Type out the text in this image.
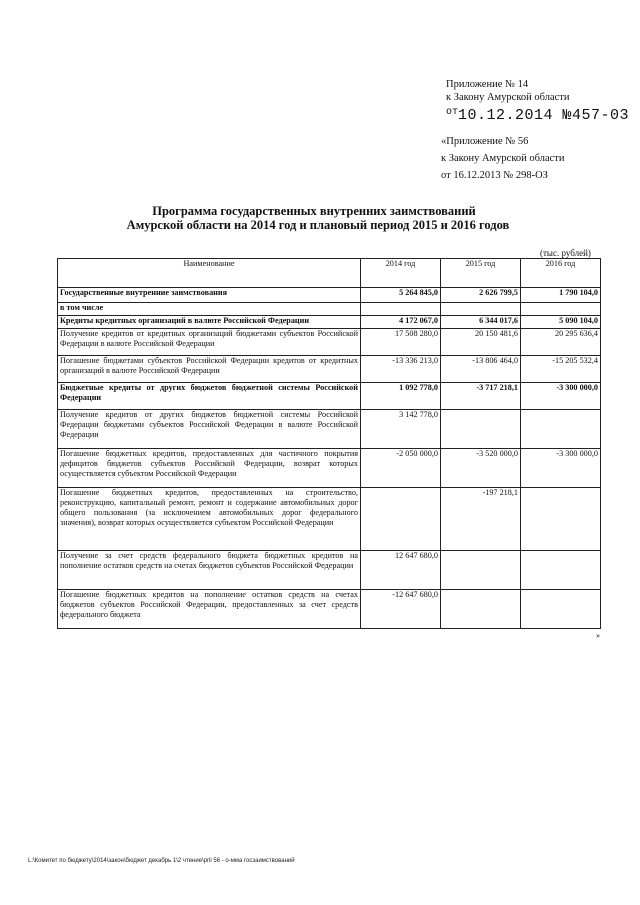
Приложение № 14
к Закону Амурской области
$^{от}$10.12.2014 №457-03
«Приложение № 56
к Закону Амурской области
от 16.12.2013 № 298-ОЗ
Программа государственных внутренних заимствований
Амурской области на 2014 год и плановый период 2015 и 2016 годов
(тыс. рублей)
Наименование	2014 год	2015 год	2016 год
Государственные внутренние заимствования	5 264 845,0	2 626 799,5	1 790 104,0
в том числе			
Кредиты кредитных организаций в валюте Российской Федерации	4 172 067,0	6 344 017,6	5 090 104,0
Получение кредитов от кредитных организаций бюджетами субъектов Российской Федерации в валюте Российской Федерации	17 508 280,0	20 150 481,6	20 295 636,4
Погашение бюджетами субъектов Российской Федерации кредитов от кредитных организаций в валюте Российской Федерации	-13 336 213,0	-13 806 464,0	-15 205 532,4
Бюджетные кредиты от других бюджетов бюджетной системы Российской Федерации	1 092 778,0	-3 717 218,1	-3 300 000,0
Получение кредитов от других бюджетов бюджетной системы Российской Федерации бюджетами субъектов Российской Федерации в валюте Российской Федерации	3 142 778,0		
Погашение бюджетных кредитов, предоставленных для частичного покрытия дефицитов бюджетов субъектов Российской Федерации, возврат которых осуществляется субъектом Российской Федерации	-2 050 000,0	-3 520 000,0	-3 300 000,0
Погашение бюджетных кредитов, предоставленных на строительство, реконструкцию, капитальный ремонт, ремонт и содержание автомобильных дорог общего пользования (за исключением автомобильных дорог федерального значения), возврат которых осуществляется субъектом Российской Федерации		-197 218,1	
Получение за счет средств федерального бюджета бюджетных кредитов на пополнение остатков средств на счетах бюджетов субъектов Российской Федерации	12 647 680,0		
Погашение бюджетных кредитов на пополнение остатков средств на счетах бюджетов субъектов Российской Федерации, предоставленных за счет средств федерального бюджета	-12 647 680,0		
»
L:\Комитет по бюджету\2014\закон\бюджет декабрь 1\2 чтение\pril 56 - о-мма госзаимствований
